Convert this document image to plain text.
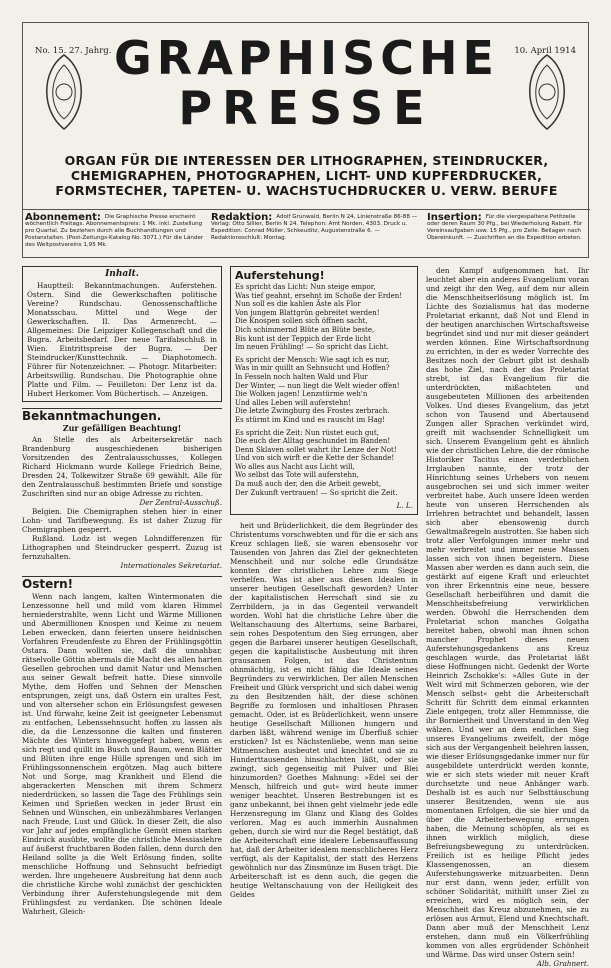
No. 15. 27. Jahrg.	10. April 1914
GRAPHISCHE
PRESSE
ORGAN FÜR DIE INTERESSEN DER LITHOGRAPHEN, STEINDRUCKER,
CHEMIGRAPHEN, PHOTOGRAPHEN, LICHT- UND KUPFERDRUCKER,
FORMSTECHER, TAPETEN- U. WACHSTUCHDRUCKER U. VERW. BERUFE
Abonnement: Die Graphische Presse erscheint wöchentlich Freitags. Abonnementspreis: 1 Mk. inkl. Zustellung pro Quartal. Zu beziehen durch alle Buchhandlungen und Postanstalten. (Post-Zeitungs-Katalog No. 3071.) Für die Länder des Weltpostvereins 1,95 Mk.
Redaktion: Adolf Grunwald, Berlin N 24, Linienstraße 86-88 — Verlag: Otto Sillier, Berlin N 24. Telephon: Amt Norden, 4303. Druck u. Expedition: Conrad Müller, Schkeuditz, Augustenstraße 6. — Redaktionsschluß: Montag.
Insertion: Für die viergespaltene Petitzeile oder deren Raum 30 Pfg., bei Wiederholung Rabatt. Für Vereinsaufgaben usw. 15 Pfg., pro Zeile. Beilagen nach Übereinkunft. — Zuschriften an die Expedition erbeten.
Inhalt.

Hauptteil: Bekanntmachungen. Auferstehen. Ostern. Sind die Gewerkschaften politische Vereine? Rundschau. Genossenschaftliche Monatsschau. Mittel und Wege der Gewerkschaften. II. Das Armenrecht. — Allgemeines: Die Leipziger Kollegenschaft und die Bugra. Arbeitsbedarf. Der neue Tarifabschluß in Wien. Eintrittspreise der Bugra. — Der Steindrucker/Kunsttechnik. — Diaphotomech. Führer für Notenzeichner. — Photogr. Mitarbeiter: Arbeitswillig. Rundschau. Die Photographie ohne Platte und Film. — Feuilleton: Der Lenz ist da. Hubert Herkomer. Vom Büchertisch. — Anzeigen.

Bekanntmachungen.
Zur gefälligen Beachtung!

An Stelle des als Arbeitersekretär nach Brandenburg ausgeschiedenen bisherigen Vorsitzenden des Zentralausschusses, Kollegen Richard Hickmann wurde Kollege Friedrich Beine, Dresden 24, Tolkewitzer Straße 69 gewählt. Alle für den Zentralausschuß bestimmten Briefe und sonstige Zuschriften sind nur an obige Adresse zu richten.

Der Zentral-Ausschuß.

Belgien. Die Chemigraphen stehen hier in einer Lohn- und Tarifbewegung. Es ist daher Zuzug für Chemigraphen gesperrt.

Rußland. Lodz ist wegen Lohndifferenzen für Lithographen und Steindrucker gesperrt. Zuzug ist fernzuhalten.

Internationales Sekretariat.
Ostern!

Wenn nach langem, kalten Wintermonaten die Lenzessonne hell und mild vom klaren Himmel herniederstrahlte, wenn Licht und Wärme Millionen und Abermillionen Knospen und Keime zu neuem Leben erwecken, dann feierten unsere heidnischen Vorfahren Freudenfeste zu Ehren der Frühlingsgöttin Ostara. Dann wollten sie, daß die unnahbar, rätselvolle Göttin abermals die Macht des allen harten Gesellen gebrochen und damit Natur und Menschen aus seiner Gewalt befreit hatte. Diese sinnvolle Mythe, dem Hoffen und Sehnen der Menschen entsprungen, zeigt uns, daß Ostern ein uraltes Fest, und von alterseher schon ein Erlösungsfest gewesen ist. Und fürwahr, keine Zeit ist geeigneter Lebensmut zu entfachen, Lebenssehnsucht hoffen zu lassen als die, da die Lenzessonne die kalten und finsteren Mächte des Winters hinweggefegt haben, wenn es sich regt und quillt im Busch und Baum, wenn Blätter und Blüten ihre enge Hülle sprengen und sich im Frühlingssonnenschein ergötzen. Mag auch bittere Not und Sorge, mag Krankheit und Elend die abgerackerten Menschen mit ihrem Schmerz niederdrücken, so lassen die Tage des Frühlings sein Keimen und Sprießen wecken in jeder Brust ein Sehnen und Wünschen, ein unbezähmbares Verlangen nach Freude, Lust und Glück. In dieser Zeit, die also vor Jahr auf jedes empfängliche Gemüt einen starken Eindruck ausübte, wollte die christliche Messiaslehre auf äußerst fruchtbaren Boden fallen, denn durch den Heiland sollte ja die Welt Erlösung finden, sollte menschliche Hoffnung und Sehnsucht befriedigt werden. Ihre ungeheuere Ausbreitung hat denn auch die christliche Kirche wohl zunächst der geschickten Verbindung ihrer Auferstehungslegende mit dem Frühlingsfest zu verdanken. Die schönen Ideale Wahrheit, Gleich-

Auferstehung!

Es spricht das Licht: Nun steige empor,

Was tief geahnt, ersehnt im Schoße der Erden!

Nun soll es die kahlen Äste als Flor

Von jungem Blattgrün gebreitet werden!

Die Knospen sollen sich öffnen sacht,

Dich schimmernd Blüte an Blüte beste,

Bis kunt ist der Teppich der Erde licht

Im neuen Frühling! — So spricht das Licht.

Es spricht der Mensch: Wie sagt ich es nur,

Was in mir quillt an Sehnsucht und Hoffen?

In Fesseln noch halten Wald und Flur

Der Winter, — nun liegt die Welt wieder offen!

Die Wolken jagen! Lenzstürme weh'n

Und alles Leben will auferstehn!

Die letzte Zwingburg des Frostes zerbrach.

Es stürmt im Kind und es rauscht im Hag!

Es spricht die Zeit: Nun rüstet euch gut,

Die euch der Alltag geschundet im Banden!

Denn Sklaven sollet wahrt ihr Lenze der Not!

Und von sich wirft er die Kette der Schande!

Wo alles aus Nacht aus Licht will,

Wo selbst das Tote will auferstehn,

Da muß auch der, den die Arbeit gewebt,

Der Zukunft vertrauen! — So spricht die Zeit.

L. L.

heit und Brüderlichkeit, die dem Begründer des Christentums vorschwebten und für die er sich ans Kreuz schlagen ließ, sie waren ebensosehr vor Tausenden von Jahren das Ziel der geknechteten Menschheit und nur solche edle Grundsätze konnten der christlichen Lehre zum Siege verhelfen. Was ist aber aus diesen Idealen in unserer heutigen Gesellschaft geworden? Unter der kapitalistischen Herrschaft sind sie zu Zerrbildern, ja in das Gegenteil verwandelt worden. Wohl hat die christliche Lehre über die Weltanschauung des Altertums, seine Barbarei, sein rohes Despotentum den Sieg errungen, aber gegen die Barbarei unserer heutigen Gesellschaft, gegen die kapitalistische Ausbeutung mit ihren grausamen Folgen, ist das Christentum ohnmächtig, ist es nicht fähig die Ideale seines Begründers zu verwirklichen. Der allen Menschen Freiheit und Glück verspricht und sich dabei wenig zu den Besitzenden hält, der diese schönen Begriffe zu formlosen und inhaltlosen Phrasen gemacht. Oder, ist es Brüderlichkeit, wenn unsere heutige Gesellschaft Millionen hungern und darben läßt, während wenige im Überfluß schier ersticken? Ist es Nächstenliebe, wenn man seine Mitmenschen ausbeutet und knechtet und sie zu Hunderttausenden hinschlachten läßt, oder sie zwingt, sich gegenseitig mit Pulver und Blei hinzumorden? Goethes Mahnung: »Edel sei der Mensch, hilfreich und gut« wird heute immer weniger beachtet. Unseren Bestrebungen ist es ganz unbekannt, bei ihnen geht vielmehr jede edle Herzensregung im Glanz und Klang des Goldes verloren. Mag es auch immerhin Ausnahmen geben, durch sie wird nur die Regel bestätigt, daß die Arbeiterschaft eine idealere Lebensauffassung hat, daß der Arbeiter idealem menschlicheres Herz verfügt, als der Kapitalist, der statt des Herzens gewöhnlich nur das Zinsmünze im Busen trägt. Die Arbeiterschaft ist es denn auch, die gegen die heutige Weltanschauung von der Heiligkeit des Geldes

den Kampf aufgenommen hat. Ihr leuchtet aber ein anderes Evangelium voran und zeigt ihr den Weg, auf dem nur allein die Menschheitserlösung möglich ist. Im Lichte des Sozialismus hat das moderne Proletariat erkannt, daß Not und Elend in der heutigen anarchischen Wirtschaftsweise begründet sind und nur mit dieser geändert werden können. Eine Wirtschaftsordnung zu errichten, in der es weder Vorrechte des Besitzes noch der Geburt gibt ist deshalb das hohe Ziel, nach der das Proletariat strebt, ist das Evangelium für die unterdrückten, mißachteten und ausgebeuteten Millionen des arbeitenden Volkes. Und dieses Evangelium, das jetzt schon von Tausend und Abertausend Zungen aller Sprachen verkündet wird, greift mit wachsender Schnelligkeit um sich. Unserem Evangelium geht es ähnlich wie der christlichen Lehre, die der römische Historiker Tacitus einen verderblichen Irrglauben nannte, der trotz der Hinrichtung seines Urhebers von neuem ausgebrochen sei und sich immer weiter verbreitet habe. Auch unsere Ideen werden heute von unseren Herrschenden als Irrlehren betrachtet und behandelt, lassen sich aber ebensowenig durch Gewaltmaßregeln austrotten. Sie haben sich trotz aller Verfolgungen immer mehr und mehr verbreitet und immer neue Massen lassen sich von ihnen begeistern. Diese Massen aber werden es dann auch sein, die gestärkt auf eigene Kraft und erleuchtet von ihrer Erkenntnis eine neue, bessere Gesellschaft herbeiführen und damit die Menschheitsbefreiung verwirklichen werden. Obwohl die Herrschenden dem Proletariat schon manches Golgatha bereitet haben, obwohl man ihnen schon mancher Prophet dieses neuen Auferstehungsgedankens ans Kreuz geschlagen wurde, das Proletariat läßt diese Hoffnungen nicht. Gedenkt der Worte Heinrich Zschokke's: »Alles Gute in der Welt wird mit Schmerzen geboren, wie der Mensch selbst« geht die Arbeiterschaft Schritt für Schritt dem einmal erkannten Ziele entgegen, trotz aller Hemmnisse, die ihr Borniertheit und Unverstand in den Weg wälzen. Und wer an dem endlichen Sieg unseres Evangeliums zweifelt, der möge sich aus der Vergangenheit belehren lassen, wie dieser Erlösungsgedanke immer nur für ausgebildete unterdrückt werden konnte, wie er sich stets wieder mit neuer Kraft durchsetzte und neue Anhänger warb. Deshalb ist es auch nur Selbsttäuschung unserer Besitzenden, wenn sie aus momentanen Erfolgen, die sie hier und da über die Arbeiterbewegung errungen haben, die Meinung schöpfen, als sei es ihnen wirklich möglich, diese Befreiungsbewegung zu unterdrücken. Freilich ist es heilige Pflicht jedes Klassengenossen, an diesem Auferstehungswerke mitzuarbeiten. Denn nur erst dann, wenn jeder, erfüllt von schöner Solidarität, mithilft unser Ziel zu erreichen, wird es möglich sein, der Menschheit das Kreuz abzunehmen, sie zu erlösen aus Armut, Elend und Knechtschaft. Dann aber muß der Menschheit Lenz erstehen, dann muß ein Völkerfrühling kommen von alles ergrüdender Schönheit und Wärme. Das wird unser Ostern sein!

Alb. Grahnert.
